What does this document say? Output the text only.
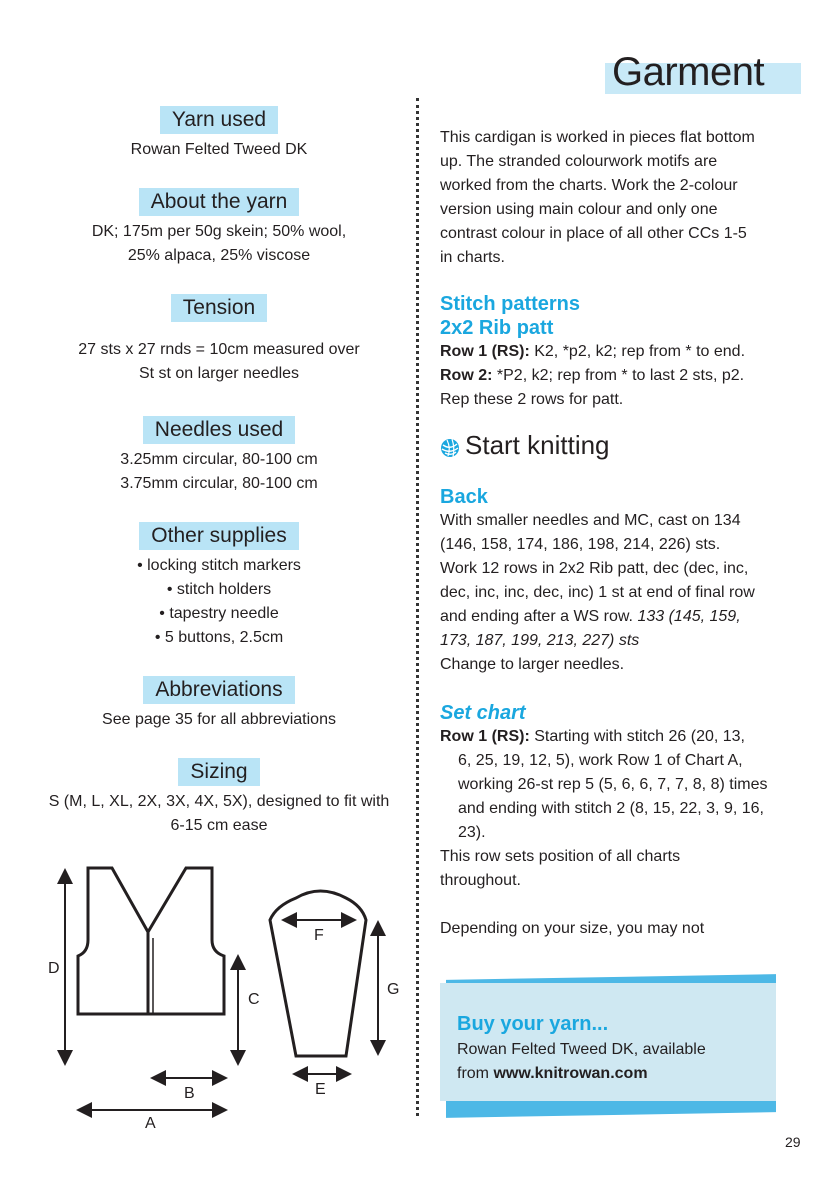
Garment
Yarn used
Rowan Felted Tweed DK
About the yarn
DK; 175m per 50g skein; 50% wool,
25% alpaca, 25% viscose
Tension
27 sts x 27 rnds = 10cm measured over
St st on larger needles
Needles used
3.25mm circular, 80-100 cm
3.75mm circular, 80-100 cm
Other supplies
• locking stitch markers
• stitch holders
• tapestry needle
• 5 buttons, 2.5cm
Abbreviations
See page 35 for all abbreviations
Sizing
S (M, L, XL, 2X, 3X, 4X, 5X), designed to fit with
6-15 cm ease
D
C
B
A
F
G
E
This cardigan is worked in pieces flat bottom
up. The stranded colourwork motifs are
worked from the charts. Work the 2-colour
version using main colour and only one
contrast colour in place of all other CCs 1-5
in charts.
Stitch patterns
2x2 Rib patt
Row 1 (RS): K2, *p2, k2; rep from * to end.
Row 2: *P2, k2; rep from * to last 2 sts, p2.
Rep these 2 rows for patt.
Start knitting
Back
With smaller needles and MC, cast on 134
(146, 158, 174, 186, 198, 214, 226) sts.
Work 12 rows in 2x2 Rib patt, dec (dec, inc,
dec, inc, inc, dec, inc) 1 st at end of final row
and ending after a WS row. 133 (145, 159,
173, 187, 199, 213, 227) sts
Change to larger needles.
Set chart
Row 1 (RS): Starting with stitch 26 (20, 13,
6, 25, 19, 12, 5), work Row 1 of Chart A,
working 26-st rep 5 (5, 6, 6, 7, 7, 8, 8) times
and ending with stitch 2 (8, 15, 22, 3, 9, 16,
23).
This row sets position of all charts
throughout.
Depending on your size, you may not
Buy your yarn...
Rowan Felted Tweed DK, available
from www.knitrowan.com
29
